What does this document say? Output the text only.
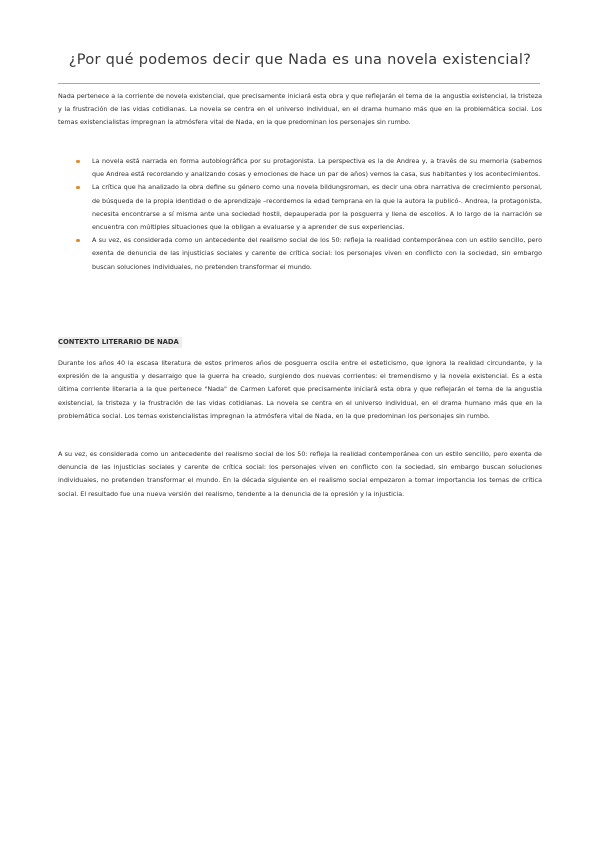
¿Por qué podemos decir que Nada es una novela existencial?

Nada pertenece a la corriente de novela existencial, que precisamente iniciará esta obra y que reflejarán el tema de la angustia existencial, la tristeza y la frustración de las vidas cotidianas. La novela se centra en el universo individual, en el drama humano más que en la problemática social. Los temas existencialistas impregnan la atmósfera vital de Nada, en la que predominan los personajes sin rumbo.

La novela está narrada en forma autobiográfica por su protagonista. La perspectiva es la de Andrea y, a través de su memoria (sabemos que Andrea está recordando y analizando cosas y emociones de hace un par de años) vemos la casa, sus habitantes y los acontecimientos.

La crítica que ha analizado la obra define su género como una novela bildungsroman, es decir una obra narrativa de crecimiento personal, de búsqueda de la propia identidad o de aprendizaje –recordemos la edad temprana en la que la autora la publicó-. Andrea, la protagonista, necesita encontrarse a sí misma ante una sociedad hostil, depauperada por la posguerra y llena de escollos. A lo largo de la narración se encuentra con múltiples situaciones que la obligan a evaluarse y a aprender de sus experiencias.

A su vez, es considerada como un antecedente del realismo social de los 50: refleja la realidad contemporánea con un estilo sencillo, pero exenta de denuncia de las injusticias sociales y carente de crítica social: los personajes viven en conflicto con la sociedad, sin embargo buscan soluciones individuales, no pretenden transformar el mundo.

CONTEXTO LITERARIO DE NADA

Durante los años 40 la escasa literatura de estos primeros años de posguerra oscila entre el esteticismo, que ignora la realidad circundante, y la expresión de la angustia y desarraigo que la guerra ha creado, surgiendo dos nuevas corrientes: el tremendismo y la novela existencial. Es a esta última corriente literaria a la que pertenece "Nada" de Carmen Laforet que precisamente iniciará esta obra y que reflejarán el tema de la angustia existencial, la tristeza y la frustración de las vidas cotidianas. La novela se centra en el universo individual, en el drama humano más que en la problemática social. Los temas existencialistas impregnan la atmósfera vital de Nada, en la que predominan los personajes sin rumbo.

A su vez, es considerada como un antecedente del realismo social de los 50: refleja la realidad contemporánea con un estilo sencillo, pero exenta de denuncia de las injusticias sociales y carente de crítica social: los personajes viven en conflicto con la sociedad, sin embargo buscan soluciones individuales, no pretenden transformar el mundo. En la década siguiente en el realismo social empezaron a tomar importancia los temas de crítica social. El resultado fue una nueva versión del realismo, tendente a la denuncia de la opresión y la injusticia.
